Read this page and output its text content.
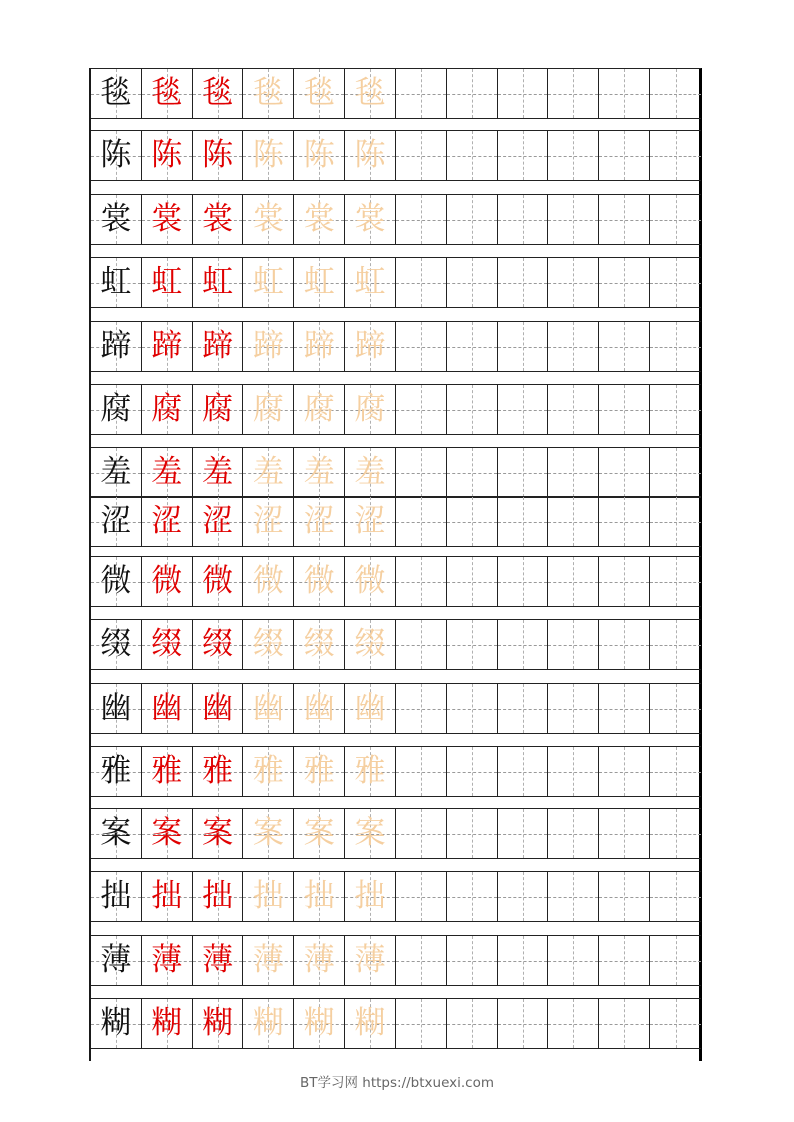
毯 毯 毯 毯 毯 毯
陈 陈 陈 陈 陈 陈
裳 裳 裳 裳 裳 裳
虹 虹 虹 虹 虹 虹
蹄 蹄 蹄 蹄 蹄 蹄
腐 腐 腐 腐 腐 腐
羞 羞 羞 羞 羞 羞
涩 涩 涩 涩 涩 涩
微 微 微 微 微 微
缀 缀 缀 缀 缀 缀
幽 幽 幽 幽 幽 幽
雅 雅 雅 雅 雅 雅
案 案 案 案 案 案
拙 拙 拙 拙 拙 拙
薄 薄 薄 薄 薄 薄
糊 糊 糊 糊 糊 糊
BT学习网 https://btxuexi.com
